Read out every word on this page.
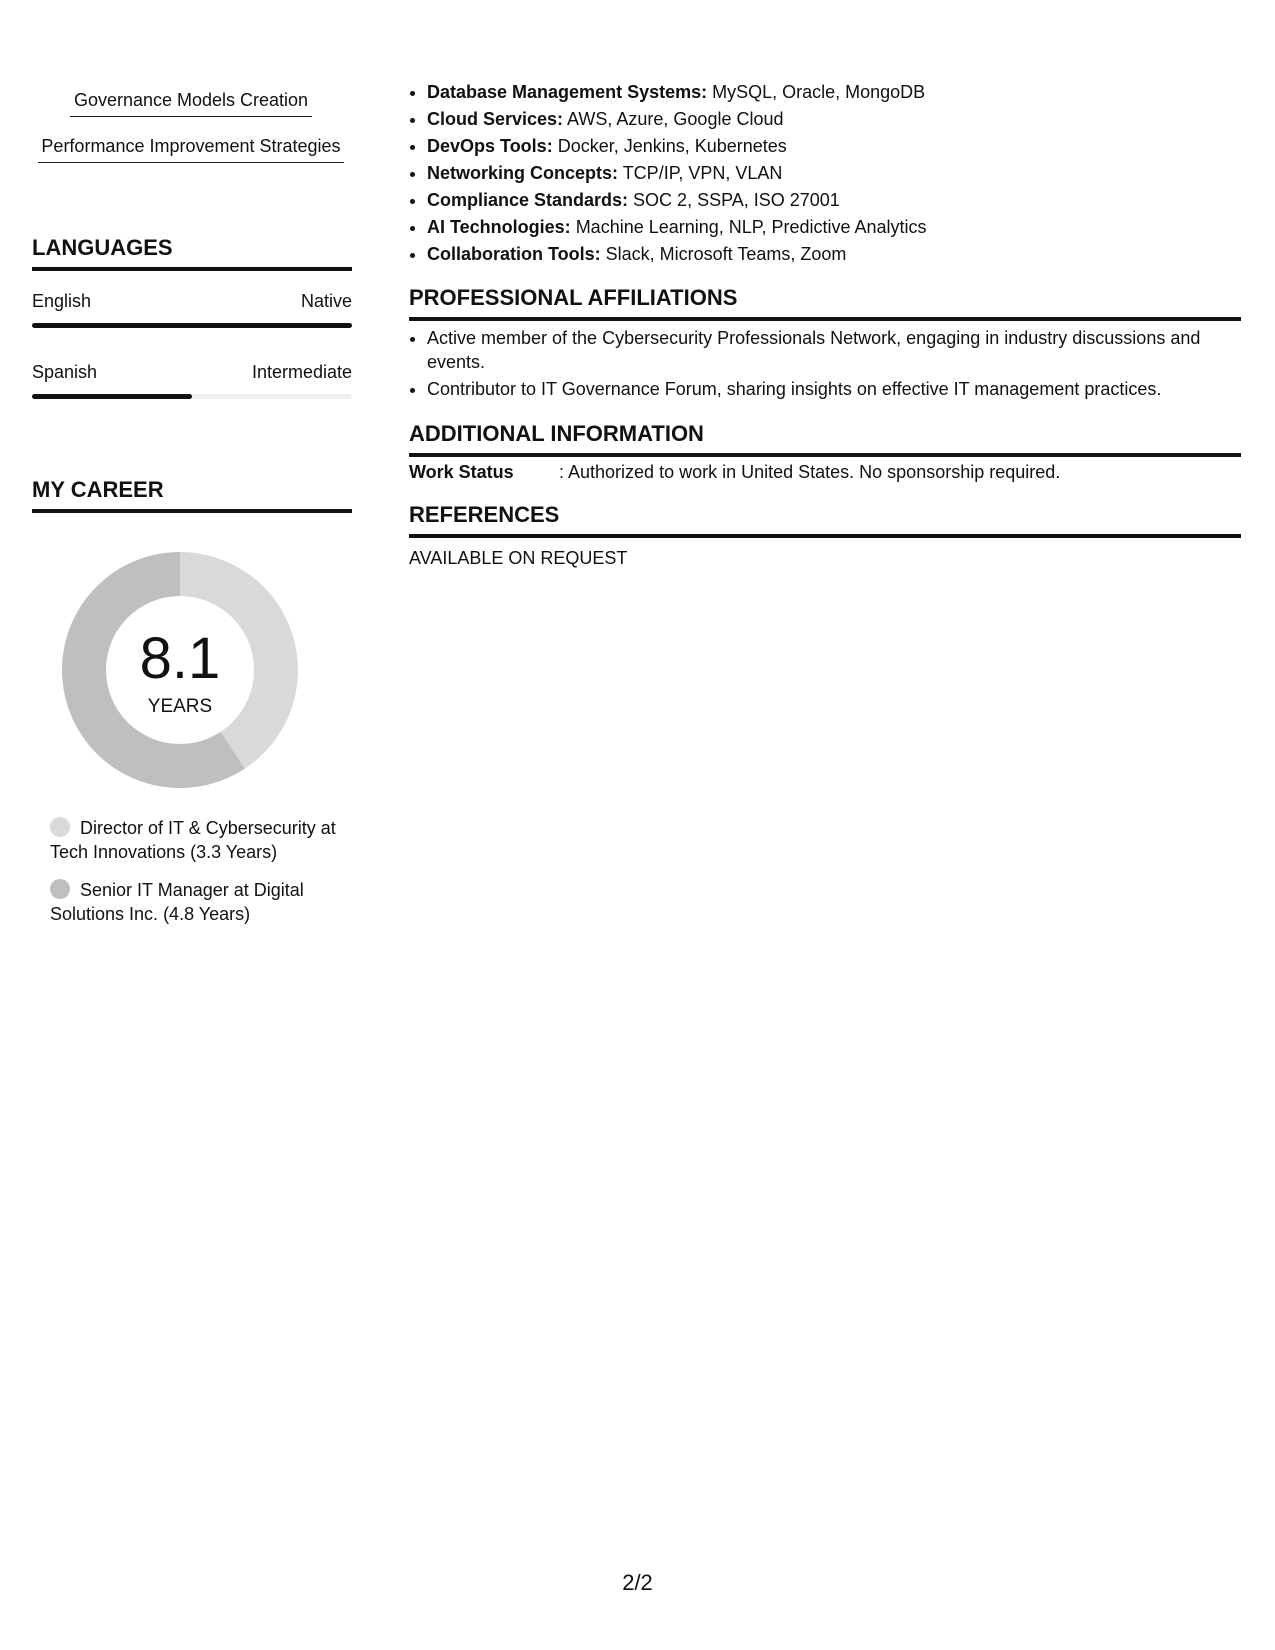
Governance Models Creation
Performance Improvement Strategies
LANGUAGES
English	Native
Spanish	Intermediate
MY CAREER
8.1
YEARS
Director of IT & Cybersecurity at Tech Innovations (3.3 Years)
Senior IT Manager at Digital Solutions Inc. (4.8 Years)
• Database Management Systems: MySQL, Oracle, MongoDB
• Cloud Services: AWS, Azure, Google Cloud
• DevOps Tools: Docker, Jenkins, Kubernetes
• Networking Concepts: TCP/IP, VPN, VLAN
• Compliance Standards: SOC 2, SSPA, ISO 27001
• AI Technologies: Machine Learning, NLP, Predictive Analytics
• Collaboration Tools: Slack, Microsoft Teams, Zoom
PROFESSIONAL AFFILIATIONS
• Active member of the Cybersecurity Professionals Network, engaging in industry discussions and events.
• Contributor to IT Governance Forum, sharing insights on effective IT management practices.
ADDITIONAL INFORMATION
Work Status	: Authorized to work in United States. No sponsorship required.
REFERENCES
AVAILABLE ON REQUEST
2/2
